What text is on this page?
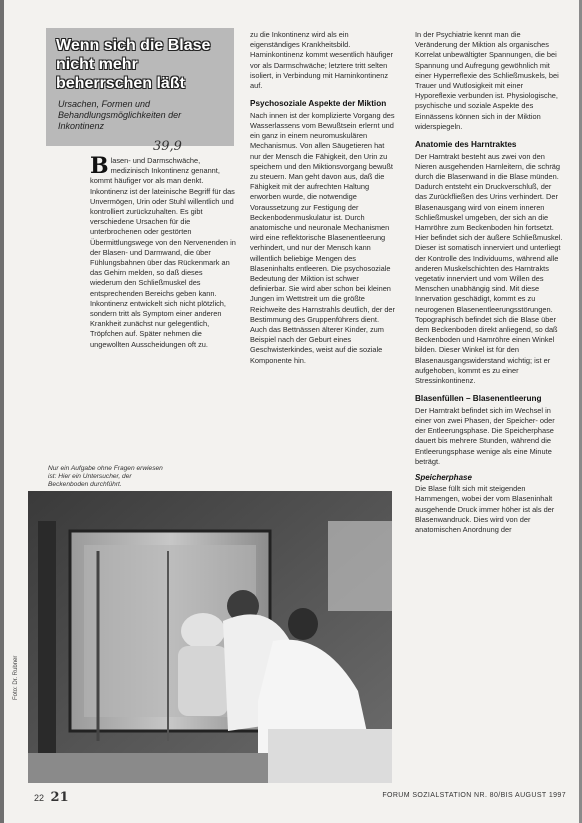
Wenn sich die Blase nicht mehr beherrschen läßt
Ursachen, Formen und Behandlungsmöglichkeiten der Inkontinenz
39,9
B lasen- und Darmschwäche, medizinisch Inkontinenz genannt, kommt häufiger vor als man denkt. Inkontinenz ist der lateinische Begriff für das Unvermögen, Urin oder Stuhl willentlich und kontrolliert zurückzuhalten. Es gibt verschiedene Ursachen für die unterbrochenen oder gestörten Übermittlungswege von den Nervenenden in der Blasen- und Darmwand, die über Fühlungsbahnen über das Rückenmark an das Gehirn melden, so daß dieses wiederum den Schließmuskel des entsprechenden Bereichs geben kann. Inkontinenz entwickelt sich nicht plötzlich, sondern tritt als Symptom einer anderen Krankheit zunächst nur gelegentlich, Tröpfchen auf. Später nehmen die ungewollten Ausscheidungen oft zu.

zu die Inkontinenz wird als ein eigenständiges Krankheitsbild. Harninkontinenz kommt wesentlich häufiger vor als Darmschwäche; letztere tritt selten isoliert, in Verbindung mit Harninkontinenz auf.

Psychosoziale Aspekte der Miktion

Nach innen ist der komplizierte Vorgang des Wasserlassens vom Bewußtsein erlernt und ein ganz in einem neuromuskulären Mechanismus. Von allen Säugetieren hat nur der Mensch die Fähigkeit, den Urin zu speichern und den Miktionsvorgang bewußt zu steuern. Man geht davon aus, daß die Fähigkeit mit der aufrechten Haltung erworben wurde, die notwendige Voraussetzung zur Festigung der Beckenbodenmuskulatur ist. Durch anatomische und neuronale Mechanismen wird eine reflektorische Blasenentleerung verhindert, und nur der Mensch kann willentlich beliebige Mengen des Blaseninhalts entleeren. Die psychosoziale Bedeutung der Miktion ist schwer definierbar. Sie wird aber schon bei kleinen Jungen im Wettstreit um die größte Reichweite des Harnstrahls deutlich, der der Bestimmung des Gruppenführers dient. Auch das Bettnässen älterer Kinder, zum Beispiel nach der Geburt eines Geschwisterkindes, weist auf die soziale Komponente hin.

In der Psychiatrie kennt man die Veränderung der Miktion als organisches Korrelat unbewältigter Spannungen, die bei Spannung und Aufregung gewöhnlich mit einer Hyperreflexie des Schließmuskels, bei Trauer und Wutlosigkeit mit einer Hyporeflexie verbunden ist. Physiologische, psychische und soziale Aspekte des Einnässens können sich in der Miktion widerspiegeln.

Anatomie des Harntraktes

Der Harntrakt besteht aus zwei von den Nieren ausgehenden Harnleitern, die schräg durch die Blasenwand in die Blase münden. Dadurch entsteht ein Druckverschluß, der das Zurückfließen des Urins verhindert. Der Blasenausgang wird von einem inneren Schließmuskel umgeben, der sich an die Harnröhre zum Beckenboden hin fortsetzt. Hier befindet sich der äußere Schließmuskel. Dieser ist somatisch innerviert und unterliegt der Kontrolle des Individuums, während alle anderen Muskelschichten des Harntrakts vegetativ innerviert und vom Willen des Menschen unabhängig sind. Mit diese Innervation geschädigt, kommt es zu neurogenen Blasenentleerungsstörungen. Topographisch befindet sich die Blase über dem Beckenboden direkt anliegend, so daß Beckenboden und Harnröhre einen Winkel bilden. Dieser Winkel ist für den Blasenausgangswiderstand wichtig; ist er aufgehoben, kommt es zu einer Stressinkontinenz.

Blasenfüllen – Blasenentleerung

Der Harntrakt befindet sich im Wechsel in einer von zwei Phasen, der Speicher- oder der Entleerungsphase. Die Speicherphase dauert bis mehrere Stunden, während die Entleerungsphase wenige als eine Minute beträgt.

Speicherphase

Die Blase füllt sich mit steigenden Harnmengen, wobei der vom Blaseninhalt ausgehende Druck immer höher ist als der Blasenwandruck. Dies wird von der anatomischen Anordnung der

Nur ein Aufgabe ohne Fragen erwiesen ist: Hier ein Untersucher, der Beckenboden durchführt.
Foto: Dr. Rubner
22 21	FORUM SOZIALSTATION NR. 80/BIS AUGUST 1997
